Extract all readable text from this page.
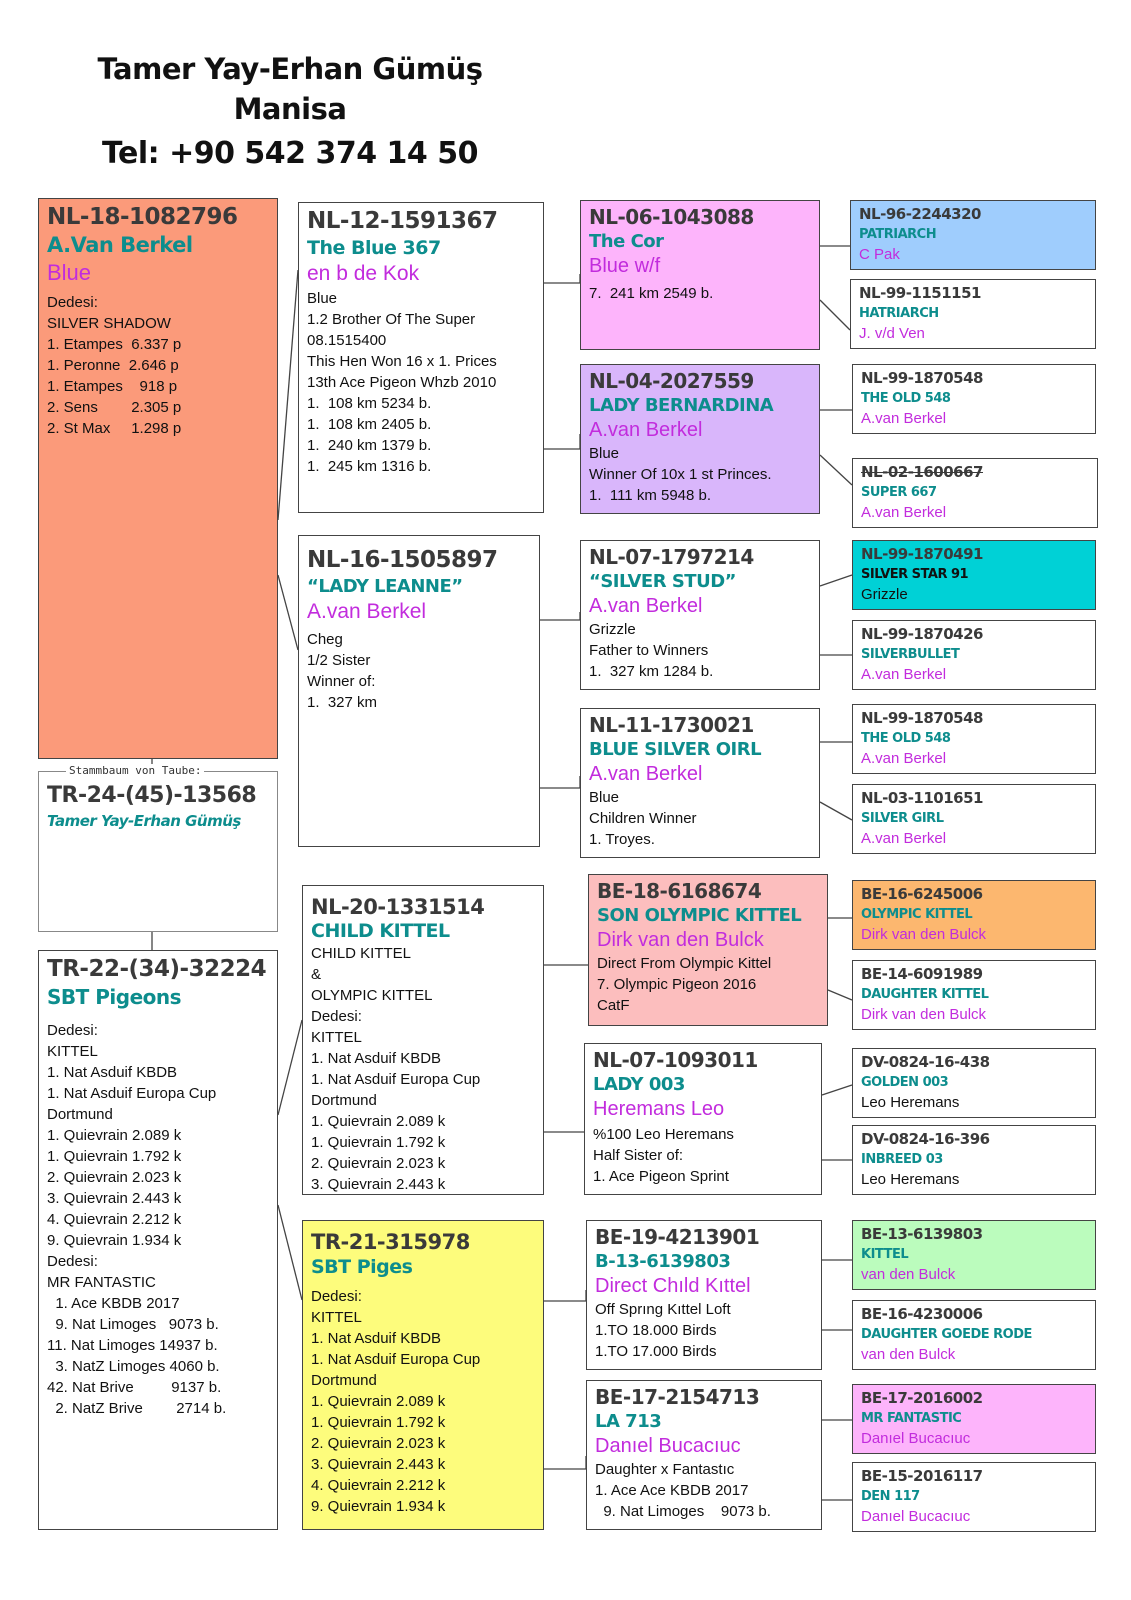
Tamer Yay-Erhan Gümüş
Manisa
Tel: +90 542 374 14 50
NL-18-1082796
A.Van Berkel
Blue

Dedesi:

SILVER SHADOW

1. Etampes  6.337 p

1. Peronne  2.646 p

1. Etampes    918 p

2. Sens        2.305 p

2. St Max     1.298 p

TR-24-(45)-13568
Tamer Yay-Erhan Gümüş
Stammbaum von Taube:
TR-22-(34)-32224
SBT Pigeons

Dedesi:

KITTEL

1. Nat Asduif KBDB

1. Nat Asduif Europa Cup

Dortmund

1. Quievrain 2.089 k

1. Quievrain 1.792 k

2. Quievrain 2.023 k

3. Quievrain 2.443 k

4. Quievrain 2.212 k

9. Quievrain 1.934 k

Dedesi:

MR FANTASTIC

1. Ace KBDB 2017

9. Nat Limoges   9073 b.

11. Nat Limoges 14937 b.

3. NatZ Limoges 4060 b.

42. Nat Brive         9137 b.

2. NatZ Brive        2714 b.

NL-12-1591367
The Blue 367
en b de Kok

Blue

1.2 Brother Of The Super

08.1515400

This Hen Won 16 x 1. Prices

13th Ace Pigeon Whzb 2010

1.  108 km 5234 b.

1.  108 km 2405 b.

1.  240 km 1379 b.

1.  245 km 1316 b.

NL-16-1505897
“LADY LEANNE”
A.van Berkel

Cheg

1/2 Sister

Winner of:

1.  327 km

NL-20-1331514
CHILD KITTEL

CHILD KITTEL

&

OLYMPIC KITTEL

Dedesi:

KITTEL

1. Nat Asduif KBDB

1. Nat Asduif Europa Cup

Dortmund

1. Quievrain 2.089 k

1. Quievrain 1.792 k

2. Quievrain 2.023 k

3. Quievrain 2.443 k

TR-21-315978
SBT Piges

Dedesi:

KITTEL

1. Nat Asduif KBDB

1. Nat Asduif Europa Cup

Dortmund

1. Quievrain 2.089 k

1. Quievrain 1.792 k

2. Quievrain 2.023 k

3. Quievrain 2.443 k

4. Quievrain 2.212 k

9. Quievrain 1.934 k

NL-06-1043088
The Cor
Blue w/f

7.  241 km 2549 b.

NL-04-2027559
LADY BERNARDINA
A.van Berkel

Blue

Winner Of 10x 1 st Princes.

1.  111 km 5948 b.

NL-07-1797214
“SILVER STUD”
A.van Berkel

Grizzle

Father to Winners

1.  327 km 1284 b.

NL-11-1730021
BLUE SILVER OIRL
A.van Berkel

Blue

Children Winner

1. Troyes.

BE-18-6168674
SON OLYMPIC KITTEL
Dirk van den Bulck

Direct From Olympic Kittel

7. Olympic Pigeon 2016

CatF

NL-07-1093011
LADY 003
Heremans Leo

%100 Leo Heremans

Half Sister of:

1. Ace Pigeon Sprint

BE-19-4213901
B-13-6139803
Direct Chıld Kıttel

Off Sprıng Kıttel Loft

1.TO 18.000 Birds

1.TO 17.000 Birds

BE-17-2154713
LA 713
Danıel Bucacıuc

Daughter x Fantastıc

1. Ace Ace KBDB 2017

9. Nat Limoges    9073 b.

NL-96-2244320
PATRIARCH
C Pak
NL-99-1151151
HATRIARCH
J. v/d Ven
NL-99-1870548
THE OLD 548
A.van Berkel
NL-02-1600667
SUPER 667
A.van Berkel
NL-99-1870491
SILVER STAR 91
Grizzle
NL-99-1870426
SILVERBULLET
A.van Berkel
NL-99-1870548
THE OLD 548
A.van Berkel
NL-03-1101651
SILVER GIRL
A.van Berkel
BE-16-6245006
OLYMPIC KITTEL
Dirk van den Bulck
BE-14-6091989
DAUGHTER KITTEL
Dirk van den Bulck
DV-0824-16-438
GOLDEN 003
Leo Heremans
DV-0824-16-396
INBREED 03
Leo Heremans
BE-13-6139803
KITTEL
van den Bulck
BE-16-4230006
DAUGHTER GOEDE RODE
van den Bulck
BE-17-2016002
MR FANTASTIC
Danıel Bucacıuc
BE-15-2016117
DEN 117
Danıel Bucacıuc
